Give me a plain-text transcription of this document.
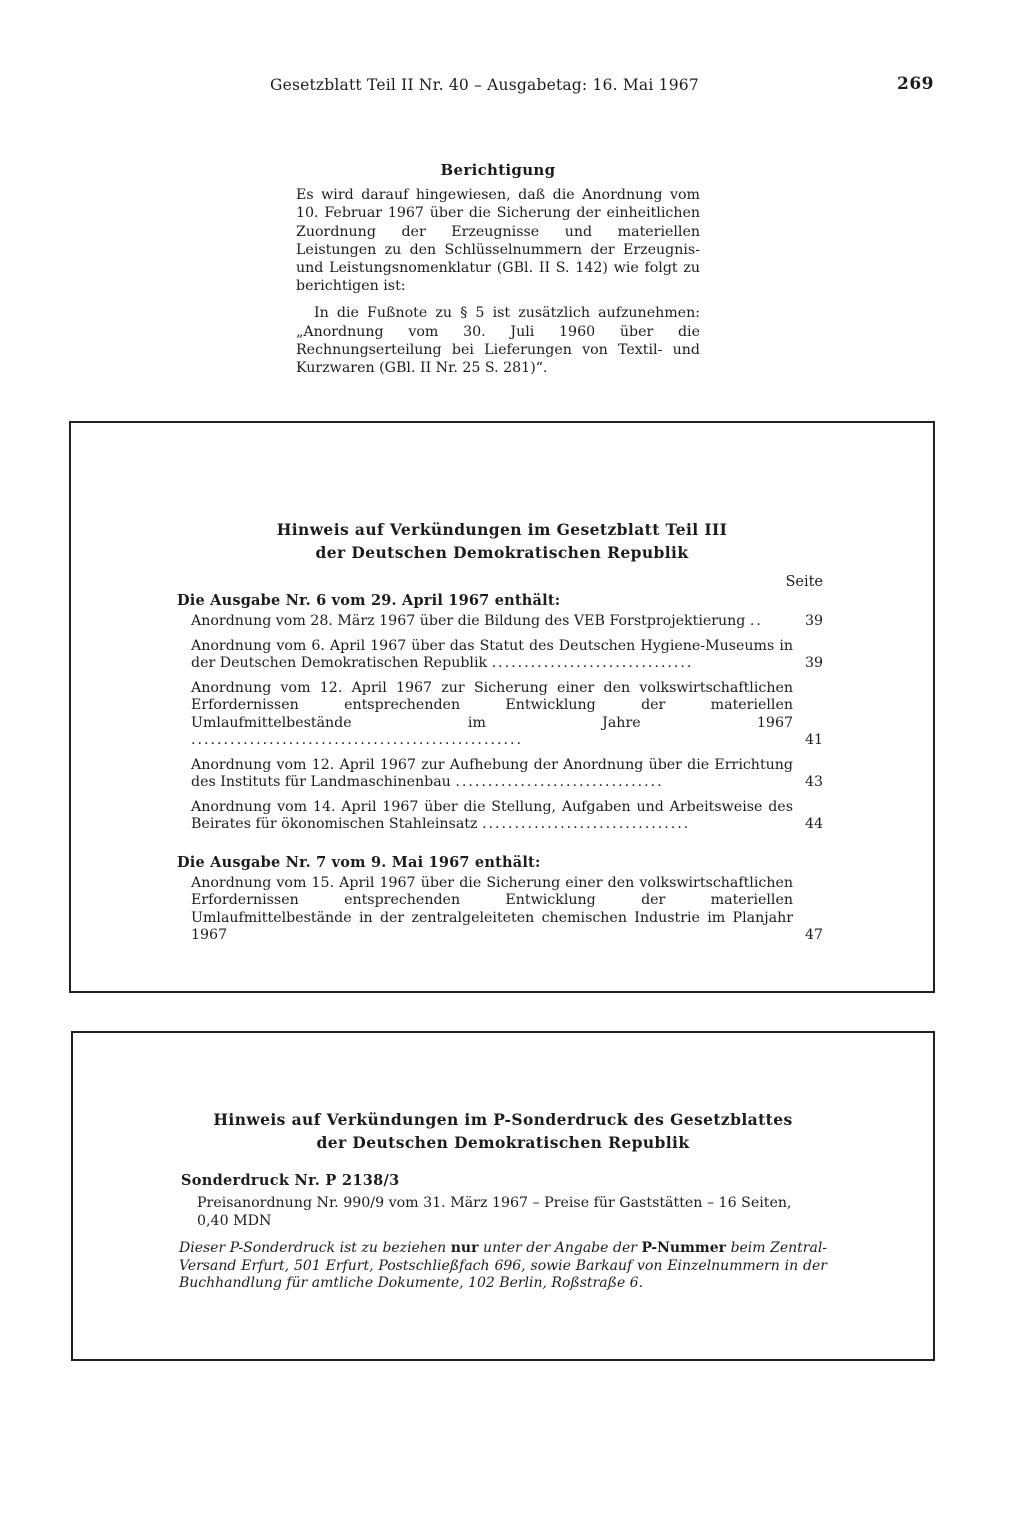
Gesetzblatt Teil II Nr. 40 – Ausgabetag: 16. Mai 1967	269
Berichtigung

Es wird darauf hingewiesen, daß die Anordnung vom 10. Februar 1967 über die Sicherung der einheitlichen Zuordnung der Erzeugnisse und materiellen Leistungen zu den Schlüsselnummern der Erzeugnis- und Leistungsnomenklatur (GBl. II S. 142) wie folgt zu berichtigen ist:

In die Fußnote zu § 5 ist zusätzlich aufzunehmen: „Anordnung vom 30. Juli 1960 über die Rechnungserteilung bei Lieferungen von Textil- und Kurzwaren (GBl. II Nr. 25 S. 281)“.

Hinweis auf Verkündungen im Gesetzblatt Teil III
der Deutschen Demokratischen Republik
Seite
Die Ausgabe Nr. 6 vom 29. April 1967 enthält:
Anordnung vom 28. März 1967 über die Bildung des VEB Forstprojektierung ..	39
Anordnung vom 6. April 1967 über das Statut des Deutschen Hygiene-Museums in der Deutschen Demokratischen Republik ...............................	39
Anordnung vom 12. April 1967 zur Sicherung einer den volkswirtschaftlichen Erfordernissen entsprechenden Entwicklung der materiellen Umlaufmittelbestände im Jahre 1967 ...................................................	41
Anordnung vom 12. April 1967 zur Aufhebung der Anordnung über die Errichtung des Instituts für Landmaschinenbau ................................	43
Anordnung vom 14. April 1967 über die Stellung, Aufgaben und Arbeitsweise des Beirates für ökonomischen Stahleinsatz ................................	44
Die Ausgabe Nr. 7 vom 9. Mai 1967 enthält:
Anordnung vom 15. April 1967 über die Sicherung einer den volkswirtschaftlichen Erfordernissen entsprechenden Entwicklung der materiellen Umlaufmittelbestände in der zentralgeleiteten chemischen Industrie im Planjahr 1967	47
Hinweis auf Verkündungen im P-Sonderdruck des Gesetzblattes
der Deutschen Demokratischen Republik
Sonderdruck Nr. P 2138/3
Preisanordnung Nr. 990/9 vom 31. März 1967 – Preise für Gaststätten – 16 Seiten, 0,40 MDN
Dieser P-Sonderdruck ist zu beziehen nur unter der Angabe der P-Nummer beim Zentral-Versand Erfurt, 501 Erfurt, Postschließfach 696, sowie Barkauf von Einzelnummern in der Buchhandlung für amtliche Dokumente, 102 Berlin, Roßstraße 6.
